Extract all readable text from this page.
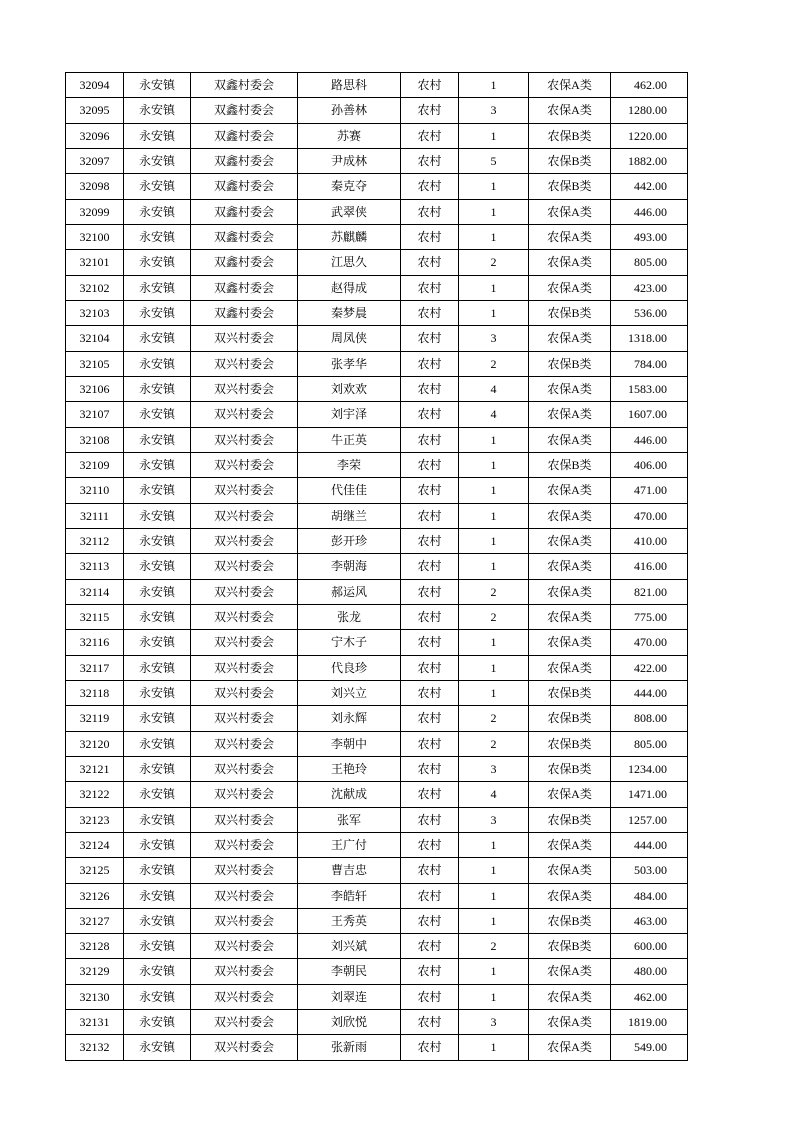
32094	永安镇	双鑫村委会	路思科	农村	1	农保A类	462.00
32095	永安镇	双鑫村委会	孙善林	农村	3	农保A类	1280.00
32096	永安镇	双鑫村委会	苏赛	农村	1	农保B类	1220.00
32097	永安镇	双鑫村委会	尹成林	农村	5	农保B类	1882.00
32098	永安镇	双鑫村委会	秦克夺	农村	1	农保B类	442.00
32099	永安镇	双鑫村委会	武翠侠	农村	1	农保A类	446.00
32100	永安镇	双鑫村委会	苏麒麟	农村	1	农保A类	493.00
32101	永安镇	双鑫村委会	江思久	农村	2	农保A类	805.00
32102	永安镇	双鑫村委会	赵得成	农村	1	农保A类	423.00
32103	永安镇	双鑫村委会	秦梦晨	农村	1	农保B类	536.00
32104	永安镇	双兴村委会	周凤侠	农村	3	农保A类	1318.00
32105	永安镇	双兴村委会	张孝华	农村	2	农保B类	784.00
32106	永安镇	双兴村委会	刘欢欢	农村	4	农保A类	1583.00
32107	永安镇	双兴村委会	刘宇泽	农村	4	农保A类	1607.00
32108	永安镇	双兴村委会	牛正英	农村	1	农保A类	446.00
32109	永安镇	双兴村委会	李荣	农村	1	农保B类	406.00
32110	永安镇	双兴村委会	代佳佳	农村	1	农保A类	471.00
32111	永安镇	双兴村委会	胡继兰	农村	1	农保A类	470.00
32112	永安镇	双兴村委会	彭开珍	农村	1	农保A类	410.00
32113	永安镇	双兴村委会	李朝海	农村	1	农保A类	416.00
32114	永安镇	双兴村委会	郝运风	农村	2	农保A类	821.00
32115	永安镇	双兴村委会	张龙	农村	2	农保A类	775.00
32116	永安镇	双兴村委会	宁木子	农村	1	农保A类	470.00
32117	永安镇	双兴村委会	代良珍	农村	1	农保A类	422.00
32118	永安镇	双兴村委会	刘兴立	农村	1	农保B类	444.00
32119	永安镇	双兴村委会	刘永辉	农村	2	农保B类	808.00
32120	永安镇	双兴村委会	李朝中	农村	2	农保B类	805.00
32121	永安镇	双兴村委会	王艳玲	农村	3	农保B类	1234.00
32122	永安镇	双兴村委会	沈献成	农村	4	农保A类	1471.00
32123	永安镇	双兴村委会	张军	农村	3	农保B类	1257.00
32124	永安镇	双兴村委会	王广付	农村	1	农保A类	444.00
32125	永安镇	双兴村委会	曹吉忠	农村	1	农保A类	503.00
32126	永安镇	双兴村委会	李皓轩	农村	1	农保A类	484.00
32127	永安镇	双兴村委会	王秀英	农村	1	农保B类	463.00
32128	永安镇	双兴村委会	刘兴斌	农村	2	农保B类	600.00
32129	永安镇	双兴村委会	李朝民	农村	1	农保A类	480.00
32130	永安镇	双兴村委会	刘翠连	农村	1	农保A类	462.00
32131	永安镇	双兴村委会	刘欣悦	农村	3	农保A类	1819.00
32132	永安镇	双兴村委会	张新雨	农村	1	农保A类	549.00
